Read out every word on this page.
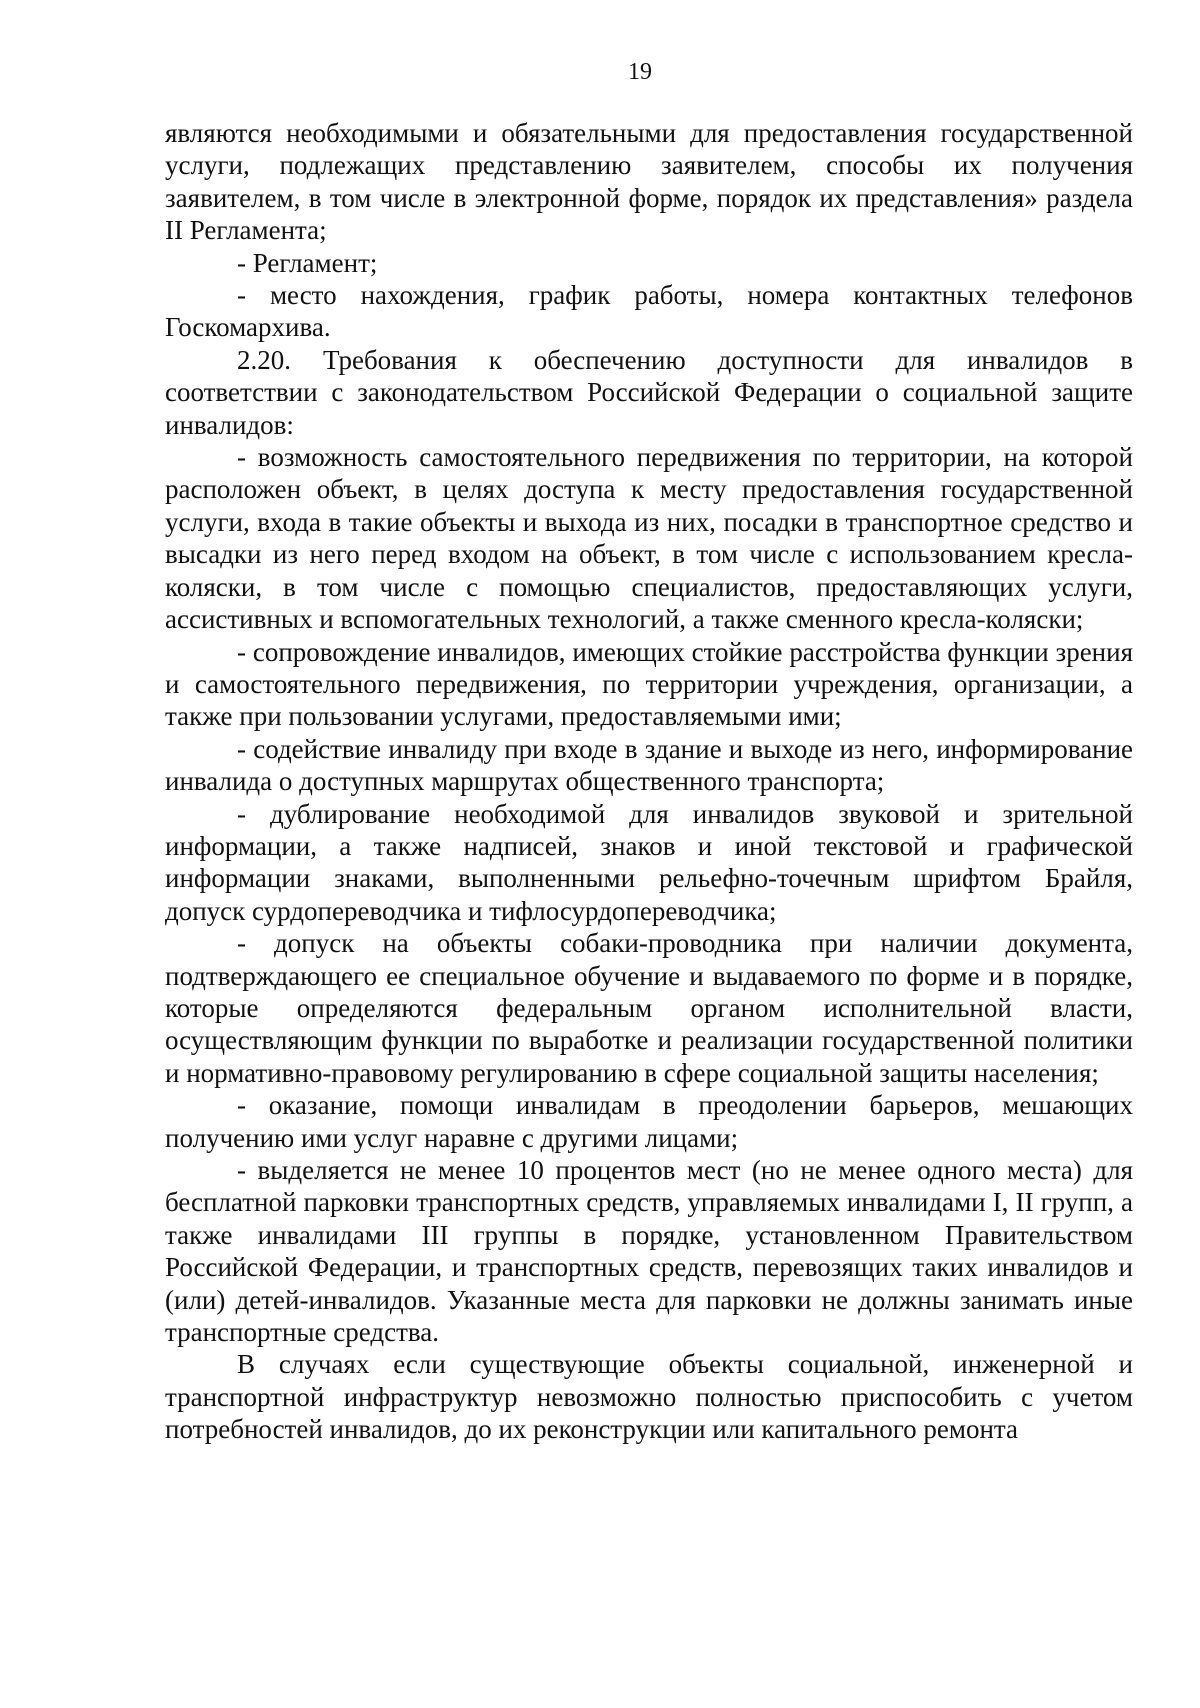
19

являются необходимыми и обязательными для предоставления государственной услуги, подлежащих представлению заявителем, способы их получения заявителем, в том числе в электронной форме, порядок их представления» раздела II Регламента;

- Регламент;

- место нахождения, график работы, номера контактных телефонов Госкомархива.

2.20. Требования к обеспечению доступности для инвалидов в соответствии с законодательством Российской Федерации о социальной защите инвалидов:

- возможность самостоятельного передвижения по территории, на которой расположен объект, в целях доступа к месту предоставления государственной услуги, входа в такие объекты и выхода из них, посадки в транспортное средство и высадки из него перед входом на объект, в том числе с использованием кресла-коляски, в том числе с помощью специалистов, предоставляющих услуги, ассистивных и вспомогательных технологий, а также сменного кресла-коляски;

- сопровождение инвалидов, имеющих стойкие расстройства функции зрения и самостоятельного передвижения, по территории учреждения, организации, а также при пользовании услугами, предоставляемыми ими;

- содействие инвалиду при входе в здание и выходе из него, информирование инвалида о доступных маршрутах общественного транспорта;

- дублирование необходимой для инвалидов звуковой и зрительной информации, а также надписей, знаков и иной текстовой и графической информации знаками, выполненными рельефно-точечным шрифтом Брайля, допуск сурдопереводчика и тифлосурдопереводчика;

- допуск на объекты собаки-проводника при наличии документа, подтверждающего ее специальное обучение и выдаваемого по форме и в порядке, которые определяются федеральным органом исполнительной власти, осуществляющим функции по выработке и реализации государственной политики и нормативно-правовому регулированию в сфере социальной защиты населения;

- оказание, помощи инвалидам в преодолении барьеров, мешающих получению ими услуг наравне с другими лицами;

- выделяется не менее 10 процентов мест (но не менее одного места) для бесплатной парковки транспортных средств, управляемых инвалидами I, II групп, а также инвалидами III группы в порядке, установленном Правительством Российской Федерации, и транспортных средств, перевозящих таких инвалидов и (или) детей-инвалидов. Указанные места для парковки не должны занимать иные транспортные средства.

В случаях если существующие объекты социальной, инженерной и транспортной инфраструктур невозможно полностью приспособить с учетом потребностей инвалидов, до их реконструкции или капитального ремонта
